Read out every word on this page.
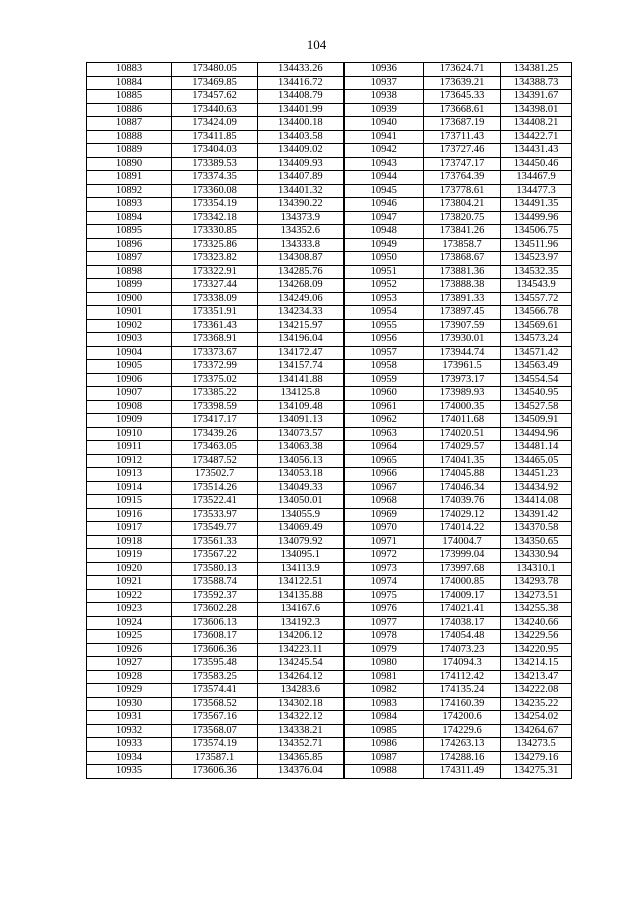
104
10883	173480.05	134433.26	10936	173624.71	134381.25
10884	173469.85	134416.72	10937	173639.21	134388.73
10885	173457.62	134408.79	10938	173645.33	134391.67
10886	173440.63	134401.99	10939	173668.61	134398.01
10887	173424.09	134400.18	10940	173687.19	134408.21
10888	173411.85	134403.58	10941	173711.43	134422.71
10889	173404.03	134409.02	10942	173727.46	134431.43
10890	173389.53	134409.93	10943	173747.17	134450.46
10891	173374.35	134407.89	10944	173764.39	134467.9
10892	173360.08	134401.32	10945	173778.61	134477.3
10893	173354.19	134390.22	10946	173804.21	134491.35
10894	173342.18	134373.9	10947	173820.75	134499.96
10895	173330.85	134352.6	10948	173841.26	134506.75
10896	173325.86	134333.8	10949	173858.7	134511.96
10897	173323.82	134308.87	10950	173868.67	134523.97
10898	173322.91	134285.76	10951	173881.36	134532.35
10899	173327.44	134268.09	10952	173888.38	134543.9
10900	173338.09	134249.06	10953	173891.33	134557.72
10901	173351.91	134234.33	10954	173897.45	134566.78
10902	173361.43	134215.97	10955	173907.59	134569.61
10903	173368.91	134196.04	10956	173930.01	134573.24
10904	173373.67	134172.47	10957	173944.74	134571.42
10905	173372.99	134157.74	10958	173961.5	134563.49
10906	173375.02	134141.88	10959	173973.17	134554.54
10907	173385.22	134125.8	10960	173989.93	134540.95
10908	173398.59	134109.48	10961	174000.35	134527.58
10909	173417.17	134091.13	10962	174011.68	134509.91
10910	173439.26	134073.57	10963	174020.51	134494.96
10911	173463.05	134063.38	10964	174029.57	134481.14
10912	173487.52	134056.13	10965	174041.35	134465.05
10913	173502.7	134053.18	10966	174045.88	134451.23
10914	173514.26	134049.33	10967	174046.34	134434.92
10915	173522.41	134050.01	10968	174039.76	134414.08
10916	173533.97	134055.9	10969	174029.12	134391.42
10917	173549.77	134069.49	10970	174014.22	134370.58
10918	173561.33	134079.92	10971	174004.7	134350.65
10919	173567.22	134095.1	10972	173999.04	134330.94
10920	173580.13	134113.9	10973	173997.68	134310.1
10921	173588.74	134122.51	10974	174000.85	134293.78
10922	173592.37	134135.88	10975	174009.17	134273.51
10923	173602.28	134167.6	10976	174021.41	134255.38
10924	173606.13	134192.3	10977	174038.17	134240.66
10925	173608.17	134206.12	10978	174054.48	134229.56
10926	173606.36	134223.11	10979	174073.23	134220.95
10927	173595.48	134245.54	10980	174094.3	134214.15
10928	173583.25	134264.12	10981	174112.42	134213.47
10929	173574.41	134283.6	10982	174135.24	134222.08
10930	173568.52	134302.18	10983	174160.39	134235.22
10931	173567.16	134322.12	10984	174200.6	134254.02
10932	173568.07	134338.21	10985	174229.6	134264.67
10933	173574.19	134352.71	10986	174263.13	134273.5
10934	173587.1	134365.85	10987	174288.16	134279.16
10935	173606.36	134376.04	10988	174311.49	134275.31
